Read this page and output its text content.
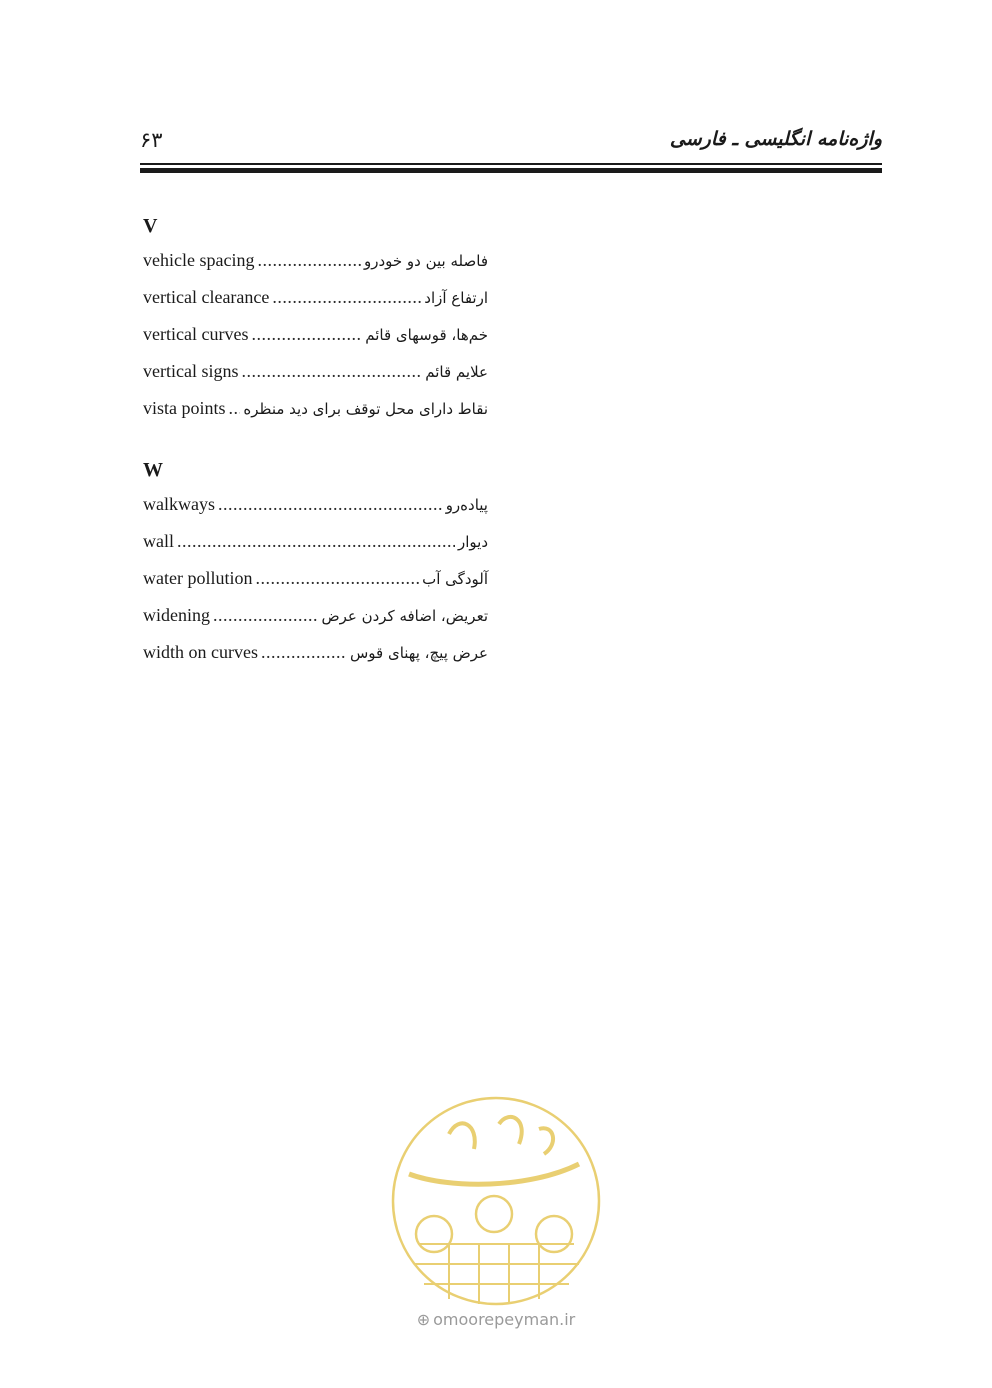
۶۳	واژه‌نامه انگلیسی ـ فارسی
V
vehicle spacing .....	فاصله بین دو خودرو
vertical clearance .....	ارتفاع آزاد
vertical curves .....	خم‌ها، قوسهای قائم
vertical signs .....	علایم قائم
vista points ..... نقاط دارای محل توقف برای دید منظره
W
walkways .....	پیاده‌رو
wall .....	دیوار
water pollution .....	آلودگی آب
widening .....	تعریض، اضافه کردن عرض
width on curves .....	عرض پیچ، پهنای قوس
⊕ omoorepeyman.ir
